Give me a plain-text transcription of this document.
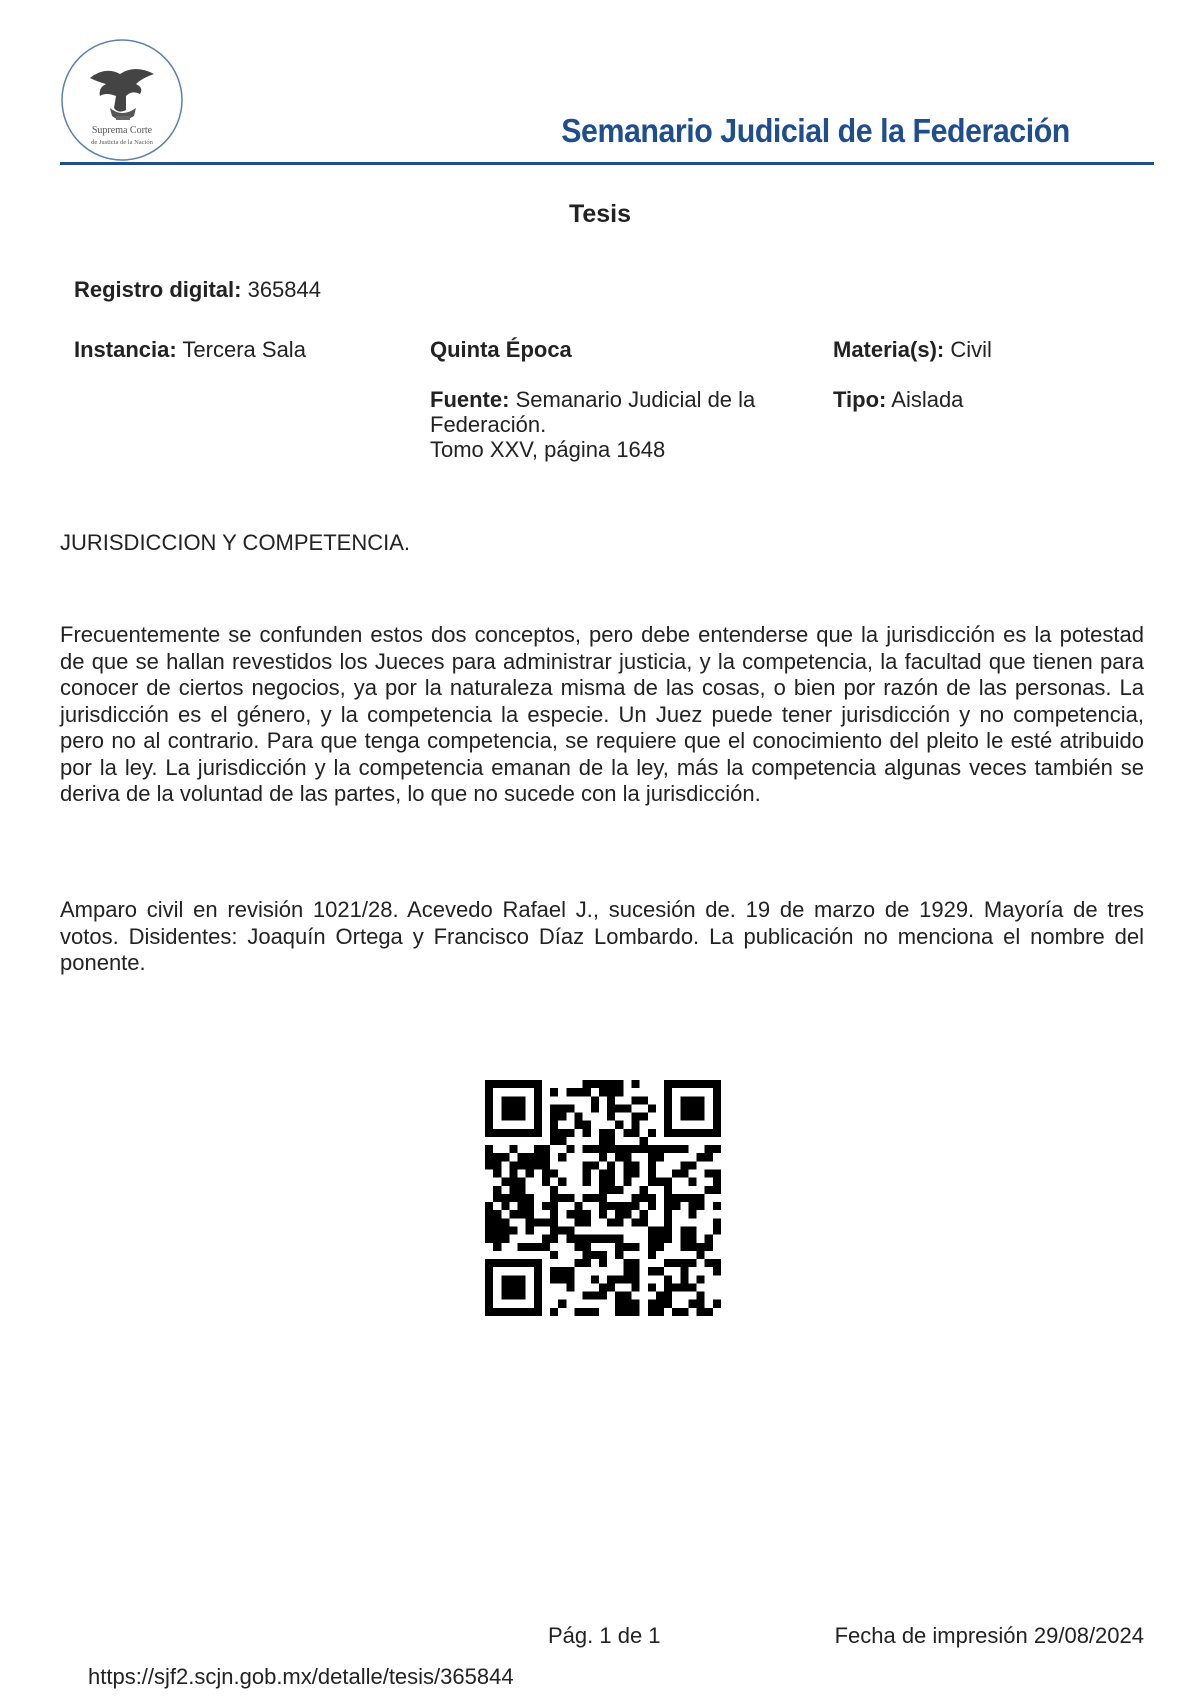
Suprema Corte
de Justicia de la Nación	Semanario Judicial de la Federación
Tesis
Registro digital: 365844
Instancia: Tercera Sala	Quinta Época	Materia(s): Civil
Fuente: Semanario Judicial de la Federación.
Tomo XXV, página 1648
Tipo: Aislada
JURISDICCION Y COMPETENCIA.

Frecuentemente se confunden estos dos conceptos, pero debe entenderse que la jurisdicción es la potestad de que se hallan revestidos los Jueces para administrar justicia, y la competencia, la facultad que tienen para conocer de ciertos negocios, ya por la naturaleza misma de las cosas, o bien por razón de las personas. La jurisdicción es el género, y la competencia la especie. Un Juez puede tener jurisdicción y no competencia, pero no al contrario. Para que tenga competencia, se requiere que el conocimiento del pleito le esté atribuido por la ley. La jurisdicción y la competencia emanan de la ley, más la competencia algunas veces también se deriva de la voluntad de las partes, lo que no sucede con la jurisdicción.

Amparo civil en revisión 1021/28. Acevedo Rafael J., sucesión de. 19 de marzo de 1929. Mayoría de tres votos. Disidentes: Joaquín Ortega y Francisco Díaz Lombardo. La publicación no menciona el nombre del ponente.

Pág. 1 de 1	Fecha de impresión 29/08/2024
https://sjf2.scjn.gob.mx/detalle/tesis/365844
